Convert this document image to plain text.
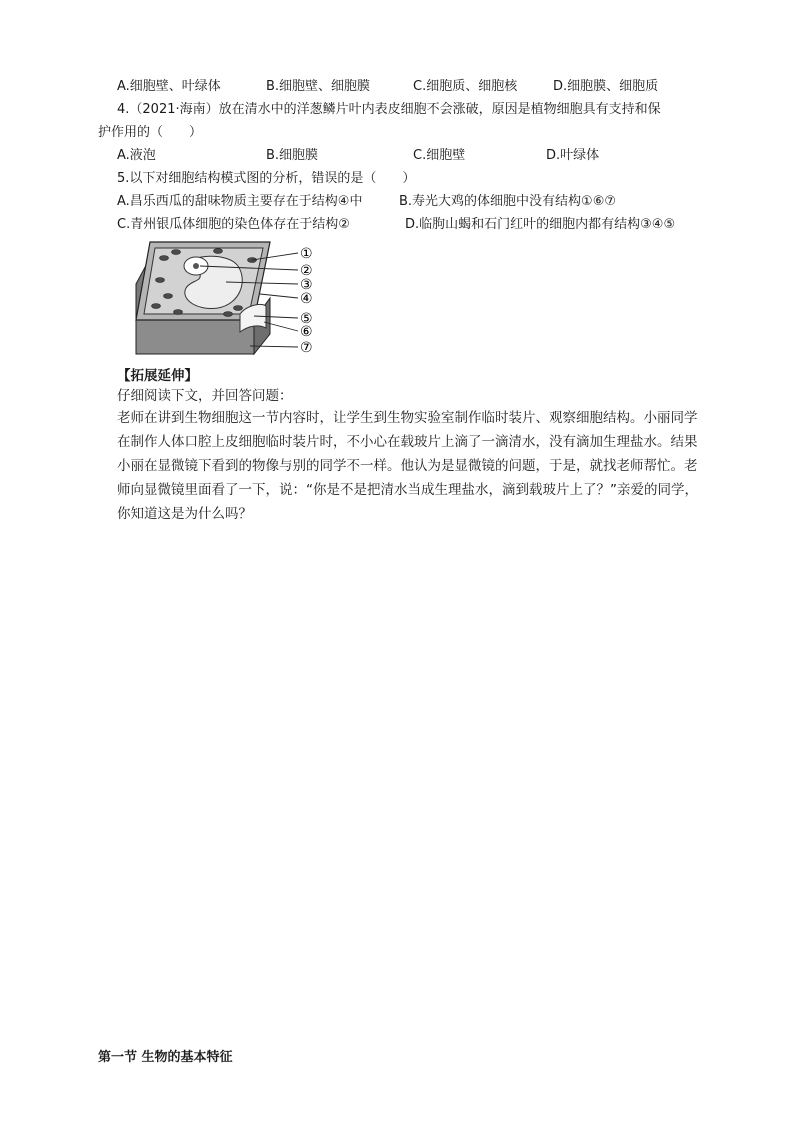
A.细胞壁、叶绿体	B.细胞壁、细胞膜	C.细胞质、细胞核	D.细胞膜、细胞质
4.（2021·海南）放在清水中的洋葱鳞片叶内表皮细胞不会涨破，原因是植物细胞具有支持和保
护作用的（　　）
A.液泡	B.细胞膜	C.细胞壁	D.叶绿体
5.以下对细胞结构模式图的分析，错误的是（　　）
A.昌乐西瓜的甜味物质主要存在于结构④中	B.寿光大鸡的体细胞中没有结构①⑥⑦
C.青州银瓜体细胞的染色体存在于结构②	D.临朐山蝎和石门红叶的细胞内都有结构③④⑤
①
②
③
④
⑤
⑥
⑦
【拓展延伸】
仔细阅读下文，并回答问题：
老师在讲到生物细胞这一节内容时，让学生到生物实验室制作临时装片、观察细胞结构。小丽同学在制作人体口腔上皮细胞临时装片时，不小心在载玻片上滴了一滴清水，没有滴加生理盐水。结果小丽在显微镜下看到的物像与别的同学不一样。他认为是显微镜的问题，于是，就找老师帮忙。老师向显微镜里面看了一下，说：“你是不是把清水当成生理盐水，滴到载玻片上了？”亲爱的同学，你知道这是为什么吗？
第一节 生物的基本特征
